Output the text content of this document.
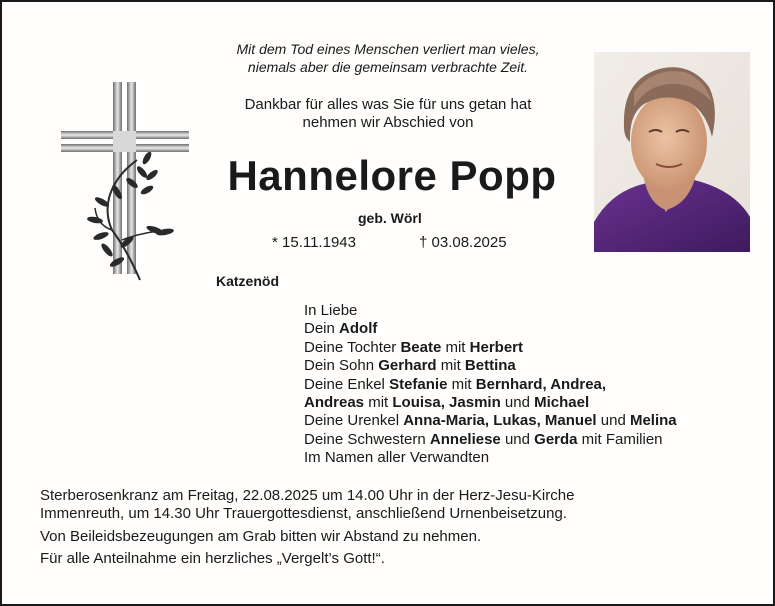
Mit dem Tod eines Menschen verliert man vieles,
niemals aber die gemeinsam verbrachte Zeit.
Dankbar für alles was Sie für uns getan hat
nehmen wir Abschied von
Hannelore Popp
geb. Wörl
* 15.11.1943	† 03.08.2025
Katzenöd
In Liebe
Dein Adolf
Deine Tochter Beate mit Herbert
Dein Sohn Gerhard mit Bettina
Deine Enkel Stefanie mit Bernhard, Andrea,
Andreas mit Louisa, Jasmin und Michael
Deine Urenkel Anna-Maria, Lukas, Manuel und Melina
Deine Schwestern Anneliese und Gerda mit Familien
Im Namen aller Verwandten
Sterberosenkranz am Freitag, 22.08.2025 um 14.00 Uhr in der Herz-Jesu-Kirche
Immenreuth, um 14.30 Uhr Trauergottesdienst, anschließend Urnenbeisetzung.
Von Beileidsbezeugungen am Grab bitten wir Abstand zu nehmen.
Für alle Anteilnahme ein herzliches „Vergelt’s Gott!“.
